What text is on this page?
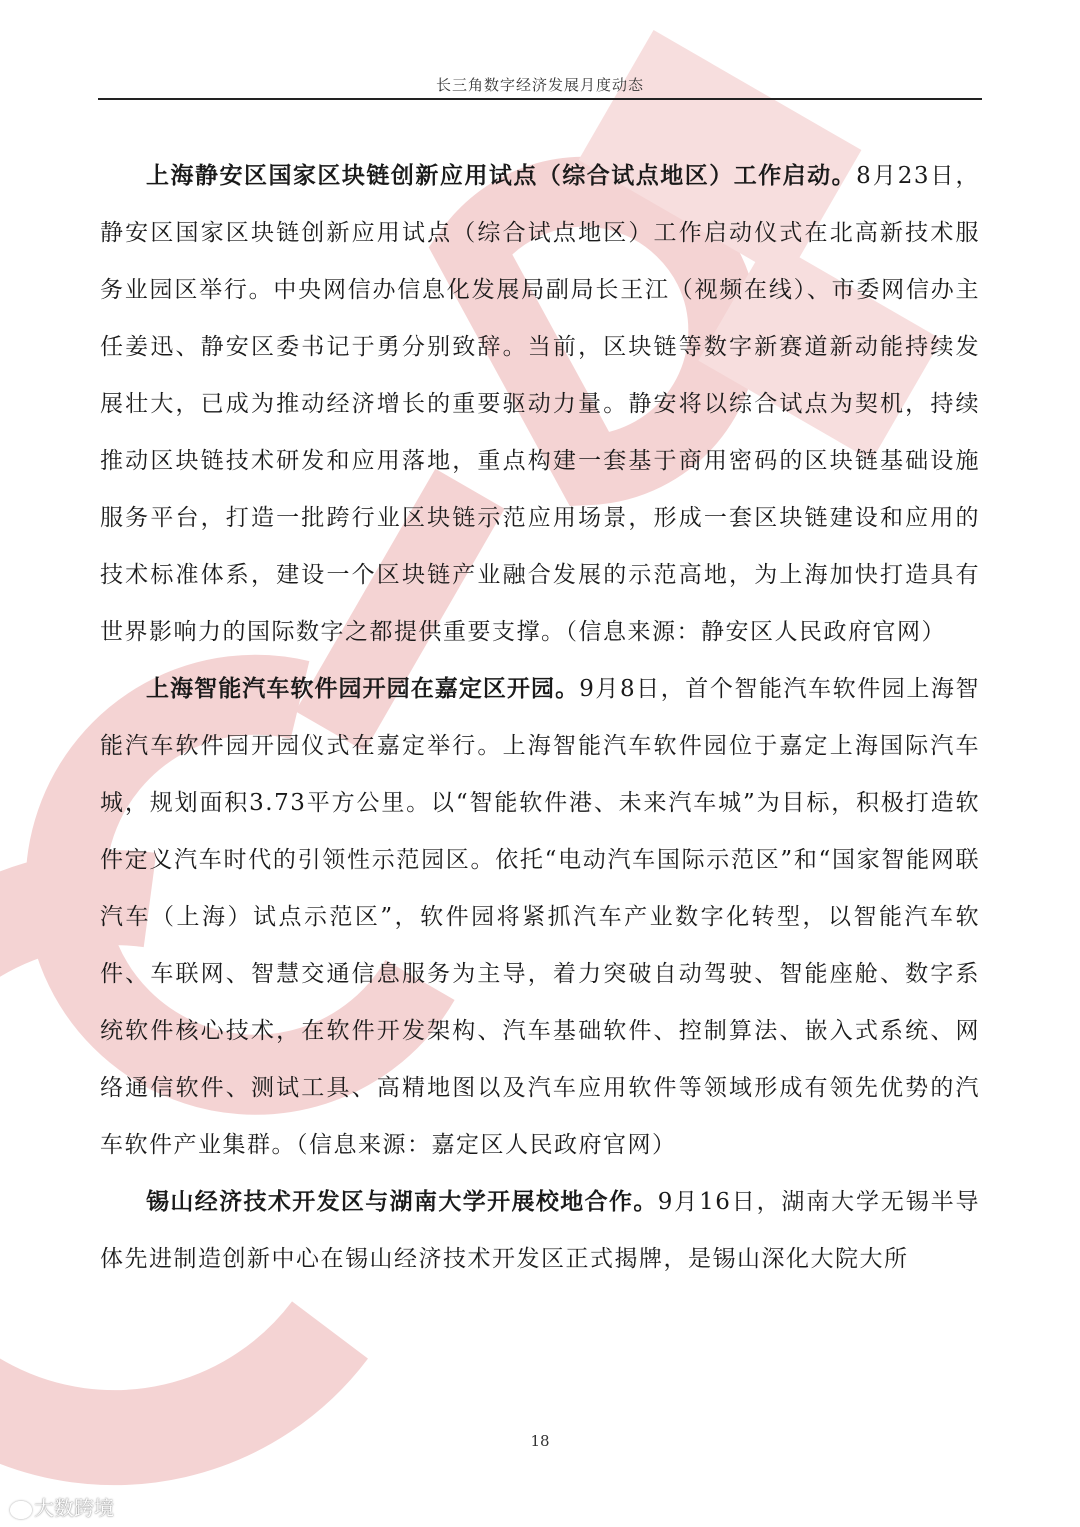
长三角数字经济发展月度动态

上海静安区国家区块链创新应用试点（综合试点地区）工作启动。8月23日，静安区国家区块链创新应用试点（综合试点地区）工作启动仪式在北高新技术服务业园区举行。中央网信办信息化发展局副局长王江（视频在线）、市委网信办主任姜迅、静安区委书记于勇分别致辞。当前，区块链等数字新赛道新动能持续发展壮大，已成为推动经济增长的重要驱动力量。静安将以综合试点为契机，持续推动区块链技术研发和应用落地，重点构建一套基于商用密码的区块链基础设施服务平台，打造一批跨行业区块链示范应用场景，形成一套区块链建设和应用的技术标准体系，建设一个区块链产业融合发展的示范高地，为上海加快打造具有世界影响力的国际数字之都提供重要支撑。（信息来源：静安区人民政府官网）

上海智能汽车软件园开园在嘉定区开园。9月8日，首个智能汽车软件园上海智能汽车软件园开园仪式在嘉定举行。上海智能汽车软件园位于嘉定上海国际汽车城，规划面积3.73平方公里。以“智能软件港、未来汽车城”为目标，积极打造软件定义汽车时代的引领性示范园区。依托“电动汽车国际示范区”和“国家智能网联汽车（上海）试点示范区”，软件园将紧抓汽车产业数字化转型，以智能汽车软件、车联网、智慧交通信息服务为主导，着力突破自动驾驶、智能座舱、数字系统软件核心技术，在软件开发架构、汽车基础软件、控制算法、嵌入式系统、网络通信软件、测试工具、高精地图以及汽车应用软件等领域形成有领先优势的汽车软件产业集群。（信息来源：嘉定区人民政府官网）

锡山经济技术开发区与湖南大学开展校地合作。9月16日，湖南大学无锡半导体先进制造创新中心在锡山经济技术开发区正式揭牌，是锡山深化大院大所

18
大数跨境
